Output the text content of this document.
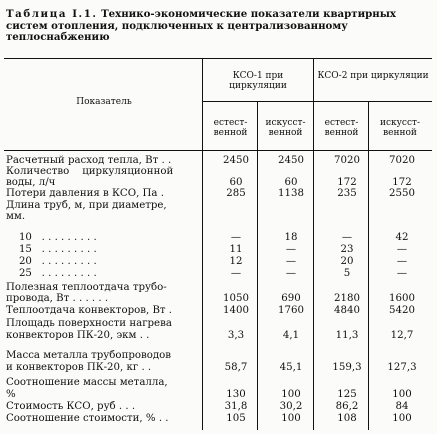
Таблица I.1. Технико-экономические показатели квартирных систем отопления, подключенных к централизованному теплоснабжению
Показатель
КСО-1 при циркуляции
КСО-2 при циркуляции
естест-венной
искусст-венной
естест-венной
искусст-венной
Расчетный расход тепла, Вт . .	2450	2450	7020	7020
Количество    циркуляционной
воды, л/ч	60	60	172	172
Потери давления в КСО, Па .	285	1138	235	2550
Длина труб, м, при диаметре,
мм.
10   . . . . . . . . .	—	18	—	42
15   . . . . . . . . .	11	—	23	—
20   . . . . . . . . .	12	—	20	—
25   . . . . . . . . .	—	—	5	—
Полезная теплоотдача трубо-
провода, Вт . . . . . .	1050	690	2180	1600
Теплоотдача конвекторов, Вт .	1400	1760	4840	5420
Площадь поверхности нагрева
конвекторов ПК-20, экм . .	3,3	4,1	11,3	12,7
Масса металла трубопроводов
и конвекторов ПК-20, кг . .	58,7	45,1	159,3	127,3
Соотношение массы металла,
%	130	100	125	100
Стоимость КСО, руб . . .	31,8	30,2	86,2	84
Соотношение стоимости, % . .	105	100	108	100
